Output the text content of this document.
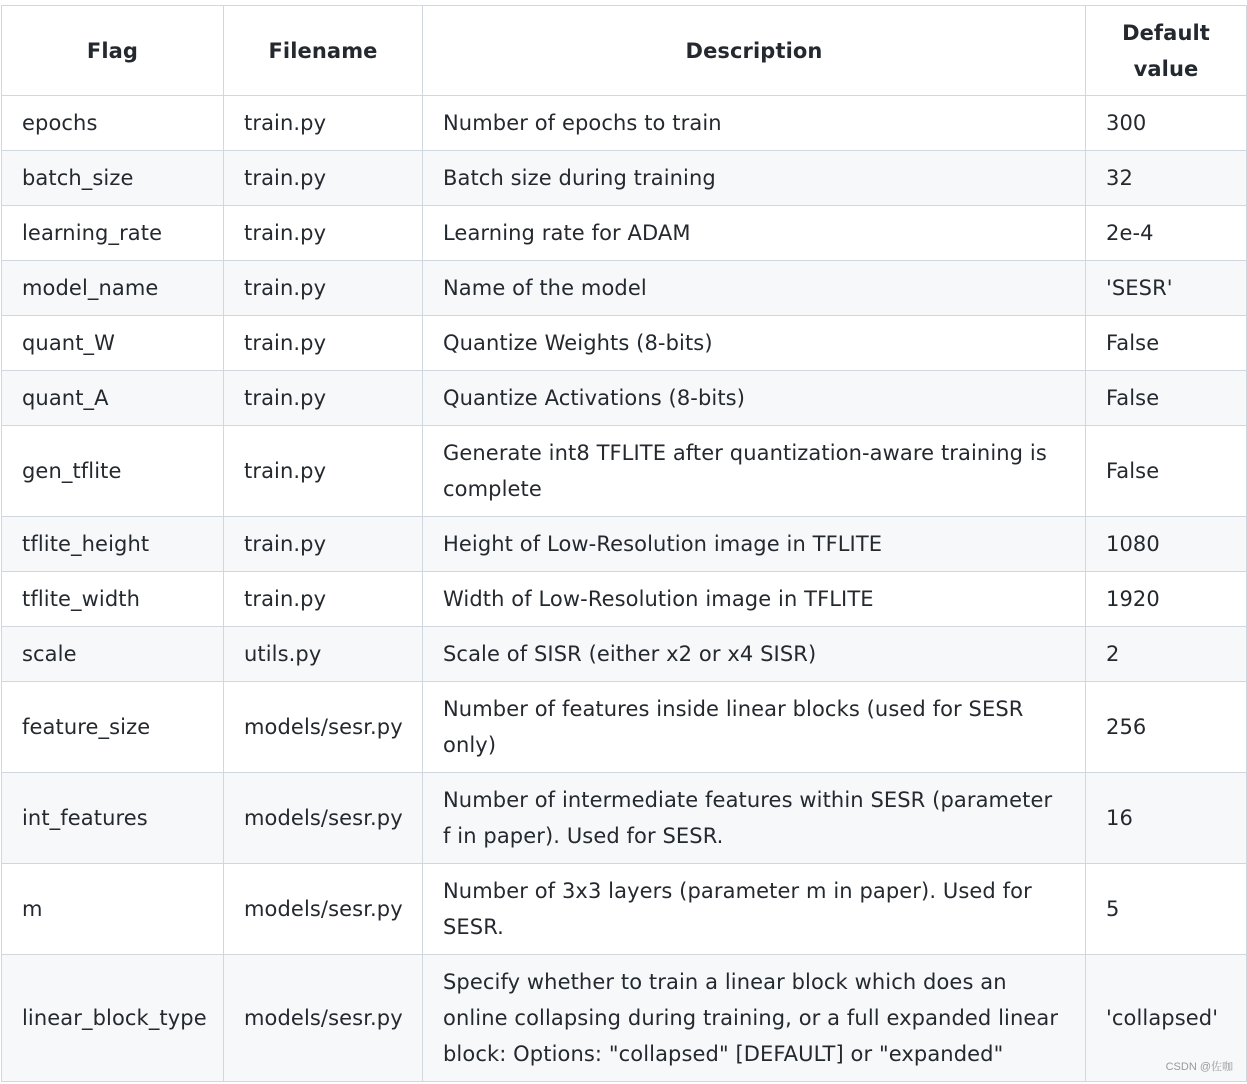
Flag	Filename	Description	Default value
epochs	train.py	Number of epochs to train	300
batch_size	train.py	Batch size during training	32
learning_rate	train.py	Learning rate for ADAM	2e-4
model_name	train.py	Name of the model	'SESR'
quant_W	train.py	Quantize Weights (8-bits)	False
quant_A	train.py	Quantize Activations (8-bits)	False
gen_tflite	train.py	Generate int8 TFLITE after quantization-aware training is complete	False
tflite_height	train.py	Height of Low-Resolution image in TFLITE	1080
tflite_width	train.py	Width of Low-Resolution image in TFLITE	1920
scale	utils.py	Scale of SISR (either x2 or x4 SISR)	2
feature_size	models/sesr.py	Number of features inside linear blocks (used for SESR only)	256
int_features	models/sesr.py	Number of intermediate features within SESR (parameter f in paper). Used for SESR.	16
m	models/sesr.py	Number of 3x3 layers (parameter m in paper). Used for SESR.	5
linear_block_type	models/sesr.py	Specify whether to train a linear block which does an online collapsing during training, or a full expanded linear block: Options: "collapsed" [DEFAULT] or "expanded"	'collapsed'
CSDN @佐咖
